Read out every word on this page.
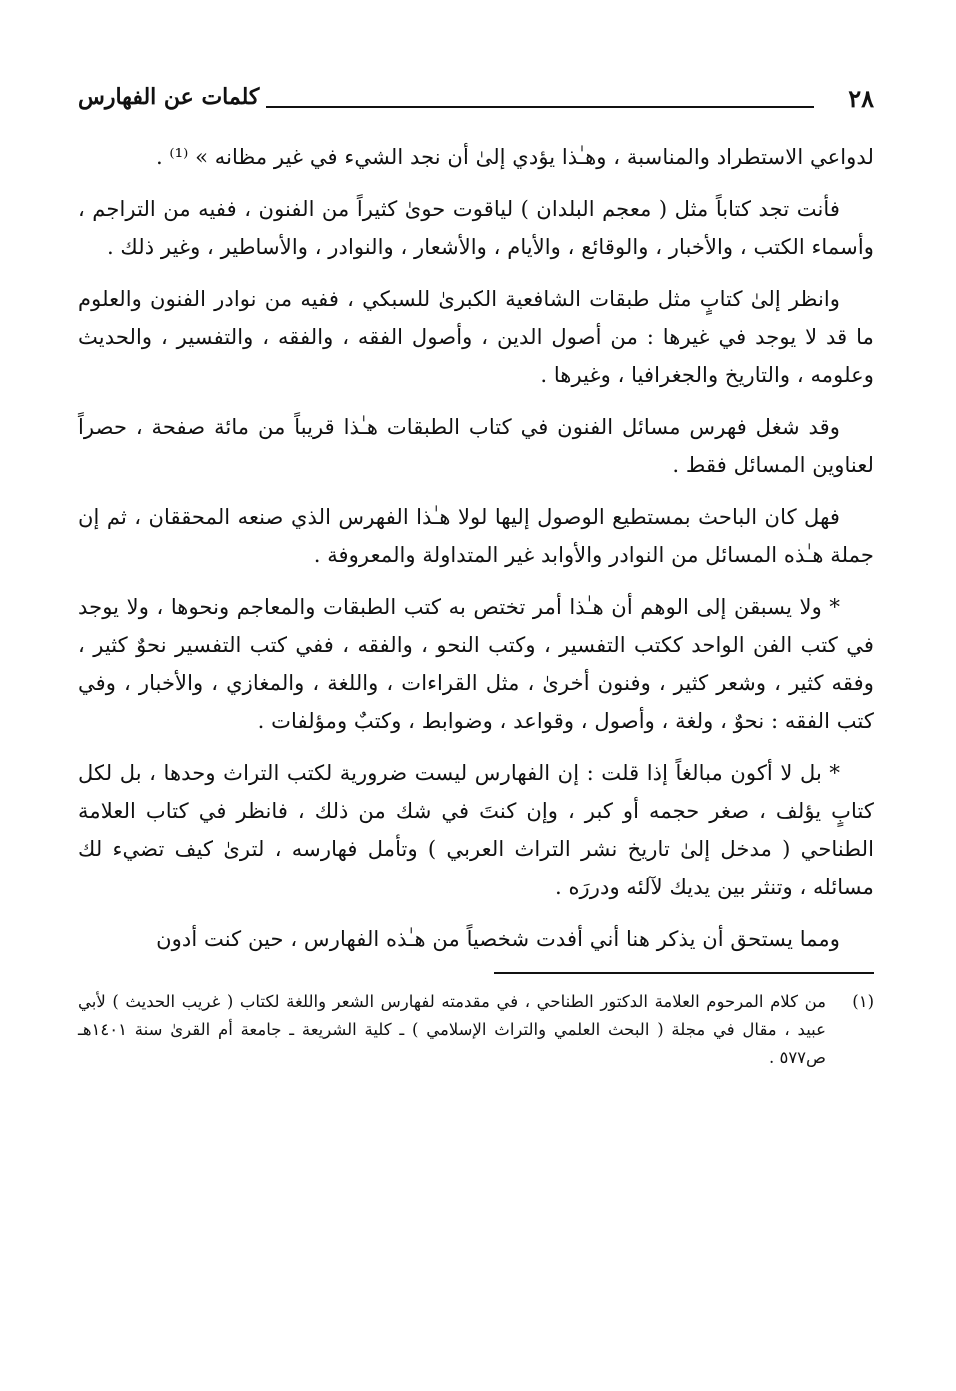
٢٨
كلمات عن الفهارس

لدواعي الاستطراد والمناسبة ، وهـٰذا يؤدي إلىٰ أن نجد الشيء في غير مظانه » ⁽¹⁾ .

فأنت تجد كتاباً مثل ( معجم البلدان ) لياقوت حوىٰ كثيراً من الفنون ، ففيه من التراجم ، وأسماء الكتب ، والأخبار ، والوقائع ، والأيام ، والأشعار ، والنوادر ، والأساطير ، وغير ذلك .

وانظر إلىٰ كتابٍ مثل طبقات الشافعية الكبرىٰ للسبكي ، ففيه من نوادر الفنون والعلوم ما قد لا يوجد في غيرها : من أصول الدين ، وأصول الفقه ، والفقه ، والتفسير ، والحديث وعلومه ، والتاريخ والجغرافيا ، وغيرها .

وقد شغل فهرس مسائل الفنون في كتاب الطبقات هـٰذا قريباً من مائة صفحة ، حصراً لعناوين المسائل فقط .

فهل كان الباحث بمستطيع الوصول إليها لولا هـٰذا الفهرس الذي صنعه المحققان ، ثم إن جملة هـٰذه المسائل من النوادر والأوابد غير المتداولة والمعروفة .

* ولا يسبقن إلى الوهم أن هـٰذا أمر تختص به كتب الطبقات والمعاجم ونحوها ، ولا يوجد في كتب الفن الواحد ككتب التفسير ، وكتب النحو ، والفقه ، ففي كتب التفسير نحوٌ كثير ، وفقه كثير ، وشعر كثير ، وفنون أخرىٰ ، مثل القراءات ، واللغة ، والمغازي ، والأخبار ، وفي كتب الفقه : نحوٌ ، ولغة ، وأصول ، وقواعد ، وضوابط ، وكتبٌ ومؤلفات .

* بل لا أكون مبالغاً إذا قلت : إن الفهارس ليست ضرورية لكتب التراث وحدها ، بل لكل كتابٍ يؤلف ، صغر حجمه أو كبر ، وإن كنتَ في شك من ذلك ، فانظر في كتاب العلامة الطناحي ( مدخل إلىٰ تاريخ نشر التراث العربي ) وتأمل فهارسه ، لترىٰ كيف تضيء لك مسائله ، وتنثر بين يديك لآلئه ودررَه .

ومما يستحق أن يذكر هنا أني أفدت شخصياً من هـٰذه الفهارس ، حين كنت أدون

(١)
من كلام المرحوم العلامة الدكتور الطناحي ، في مقدمته لفهارس الشعر واللغة لكتاب ( غريب الحديث ) لأبي عبيد ، مقال في مجلة ( البحث العلمي والتراث الإسلامي ) ـ كلية الشريعة ـ جامعة أم القرىٰ سنة ١٤٠١هـ ص٥٧٧ .
